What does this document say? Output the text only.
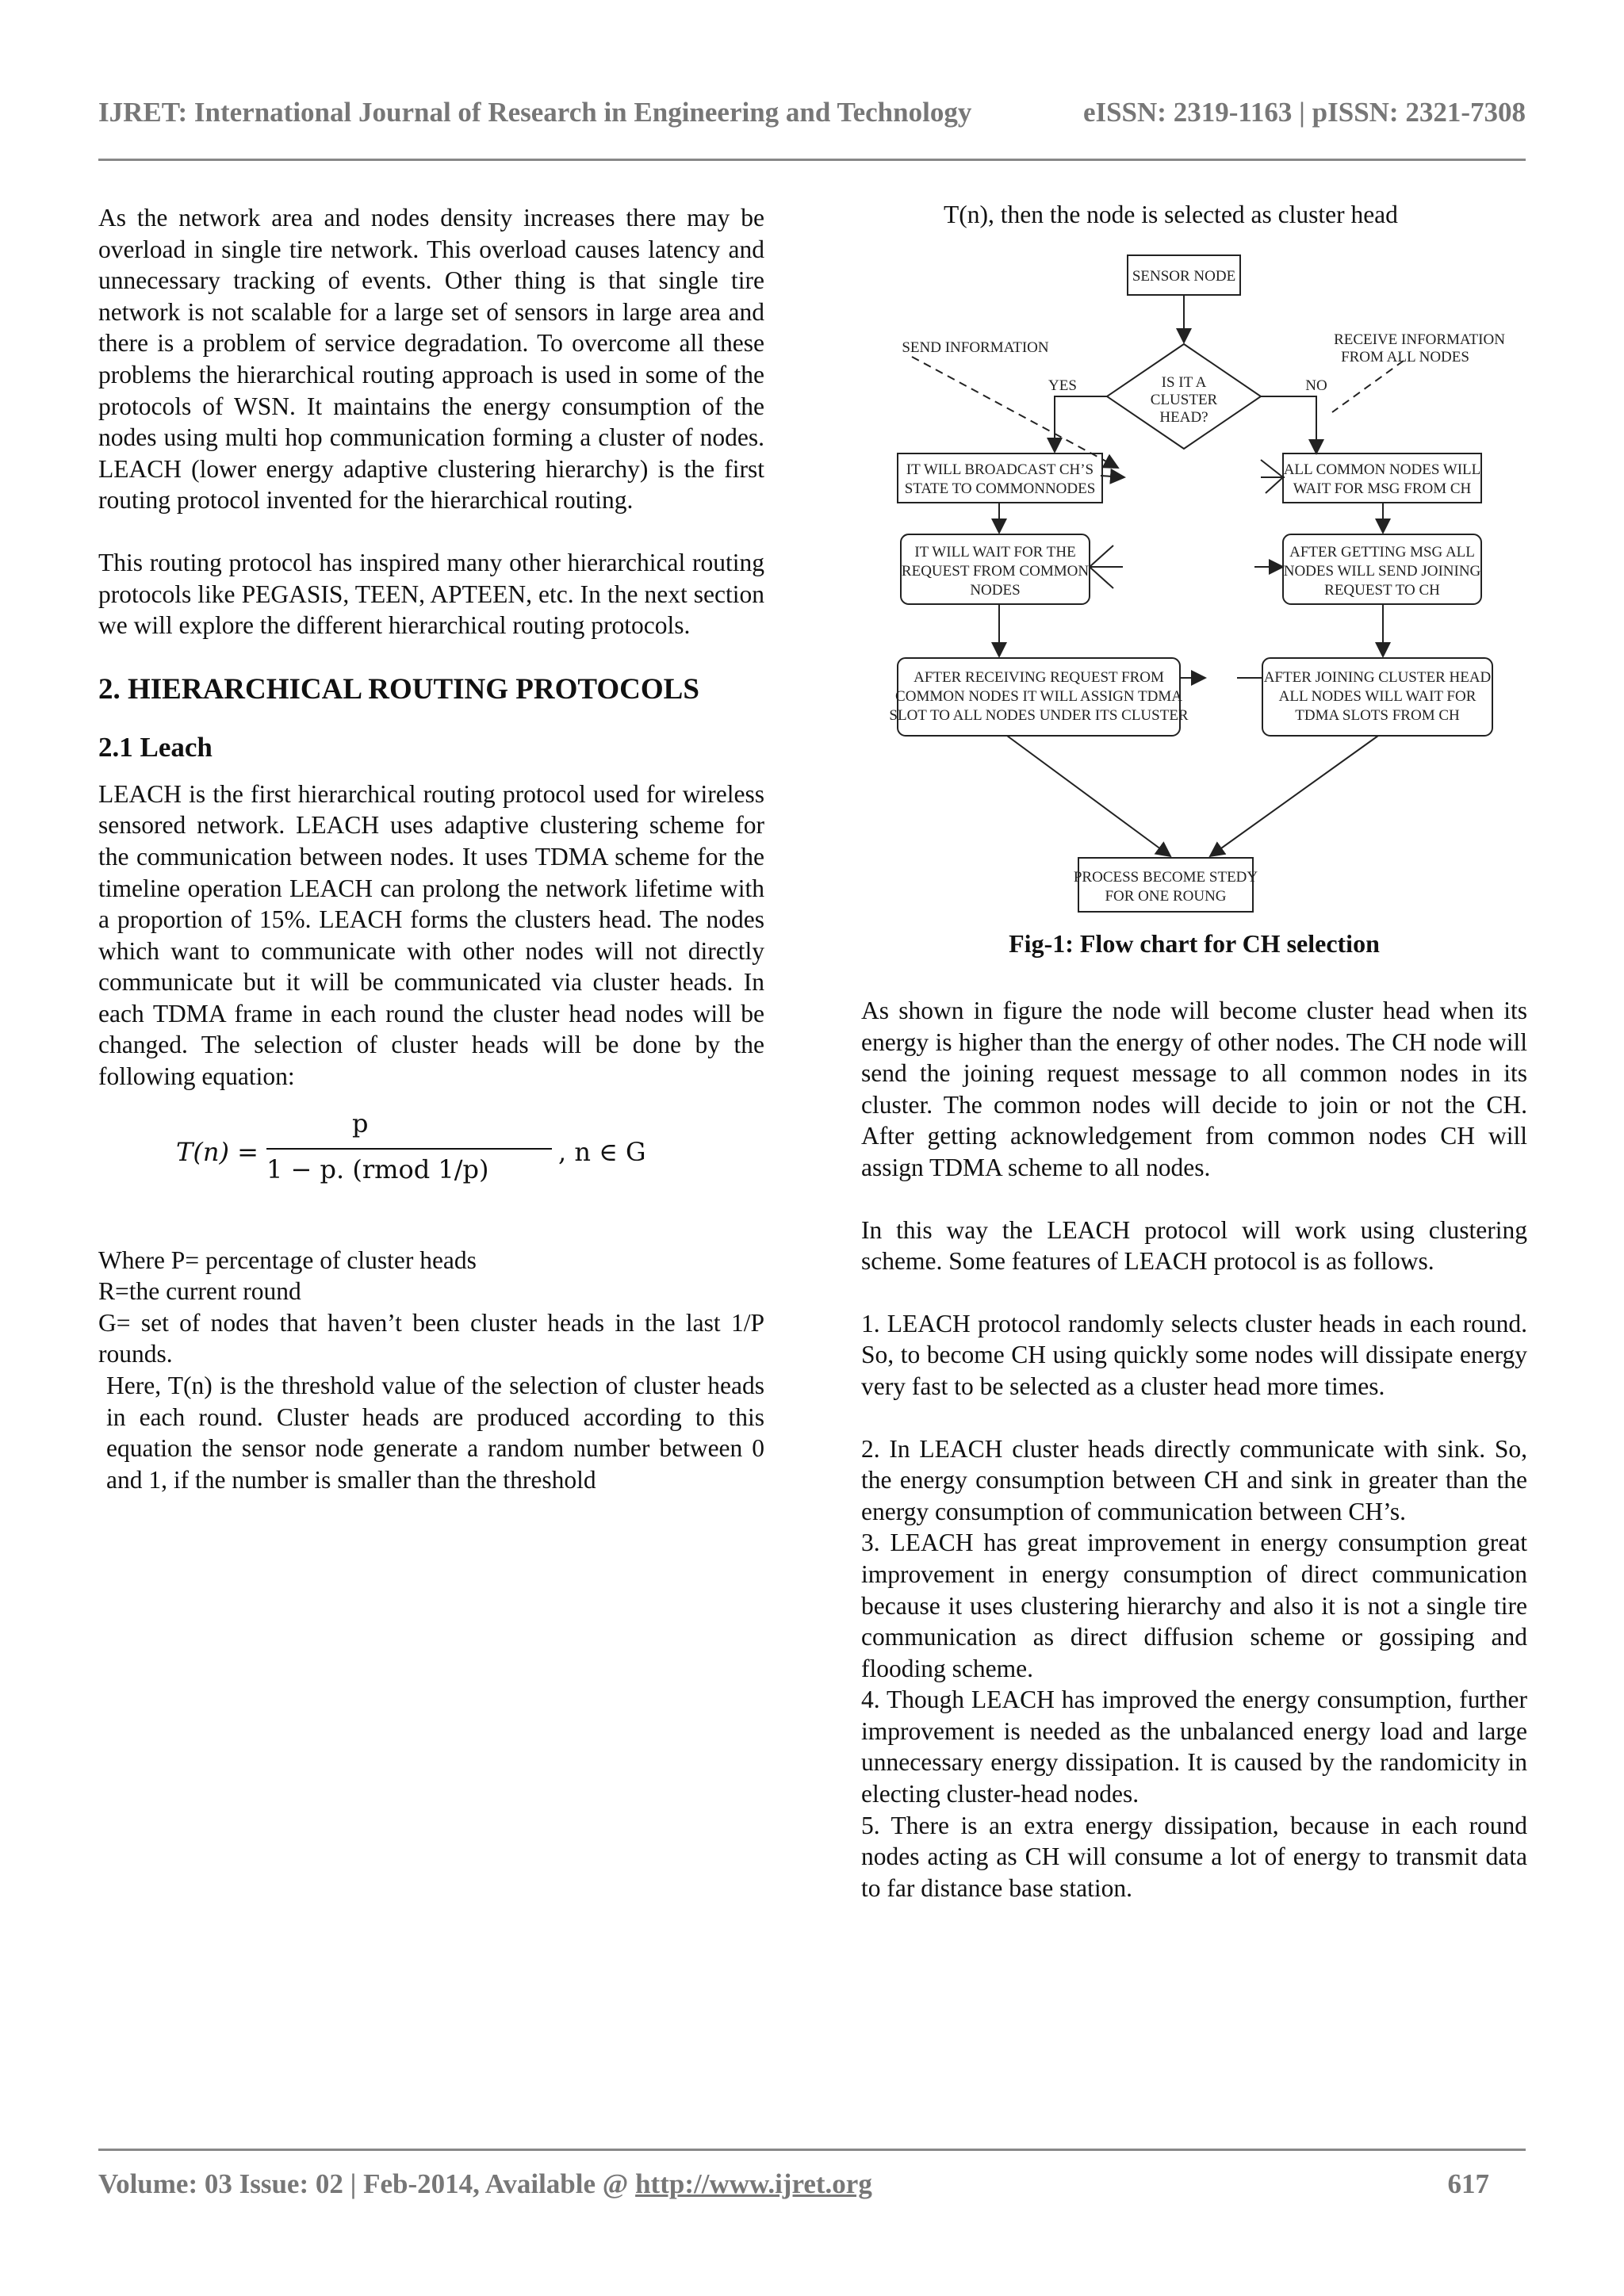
IJRET: International Journal of Research in Engineering and Technology	eISSN: 2319-1163 | pISSN: 2321-7308

As the network area and nodes density increases there may be overload in single tire network. This overload causes latency and unnecessary tracking of events. Other thing is that single tire network is not scalable for a large set of sensors in large area and there is a problem of service degradation. To overcome all these problems the hierarchical routing approach is used in some of the protocols of WSN. It maintains the energy consumption of the nodes using multi hop communication forming a cluster of nodes. LEACH (lower energy adaptive clustering hierarchy) is the first routing protocol invented for the hierarchical routing.

This routing protocol has inspired many other hierarchical routing protocols like PEGASIS, TEEN, APTEEN, etc. In the next section we will explore the different hierarchical routing protocols.

2. HIERARCHICAL ROUTING PROTOCOLS
2.1 Leach

LEACH is the first hierarchical routing protocol used for wireless sensored network. LEACH uses adaptive clustering scheme for the communication between nodes. It uses TDMA scheme for the timeline operation LEACH can prolong the network lifetime with a proportion of 15%. LEACH forms the clusters head. The nodes which want to communicate with other nodes will not directly communicate but it will be communicated via cluster heads. In each TDMA frame in each round the cluster head nodes will be changed. The selection of cluster heads will be done by the following equation:

T(n) =
p
1 − p. (rmod 1/p)
, n ∈ G
Where P= percentage of cluster heads
R=the current round
G= set of nodes that haven’t been cluster heads in the last 1/P rounds.

Here, T(n) is the threshold value of the selection of cluster heads in each round. Cluster heads are produced according to this equation the sensor node generate a random number between 0 and 1, if the number is smaller than the threshold

T(n), then the node is selected as cluster head
SENSOR NODE
IS IT A
CLUSTER
HEAD?
YES	NO
SEND INFORMATION	RECEIVE INFORMATION
FROM ALL NODES
IT WILL BROADCAST CH’S
STATE TO COMMONNODES
ALL COMMON NODES WILL
WAIT FOR MSG FROM CH
IT WILL WAIT FOR THE
REQUEST FROM COMMON
NODES
AFTER GETTING MSG ALL
NODES WILL SEND JOINING
REQUEST TO CH
AFTER RECEIVING REQUEST FROM
COMMON NODES IT WILL ASSIGN TDMA
SLOT TO ALL NODES UNDER ITS CLUSTER
AFTER JOINING CLUSTER HEAD
ALL NODES WILL WAIT FOR
TDMA SLOTS FROM CH
PROCESS BECOME STEDY
FOR ONE ROUNG
Fig-1: Flow chart for CH selection

As shown in figure the node will become cluster head when its energy is higher than the energy of other nodes. The CH node will send the joining request message to all common nodes in its cluster. The common nodes will decide to join or not the CH. After getting acknowledgement from common nodes CH will assign TDMA scheme to all nodes.

In this way the LEACH protocol will work using clustering scheme. Some features of LEACH protocol is as follows.

1. LEACH protocol randomly selects cluster heads in each round. So, to become CH using quickly some nodes will dissipate energy very fast to be selected as a cluster head more times.

2. In LEACH cluster heads directly communicate with sink. So, the energy consumption between CH and sink in greater than the energy consumption of communication between CH’s.

3. LEACH has great improvement in energy consumption great improvement in energy consumption of direct communication because it uses clustering hierarchy and also it is not a single tire communication as direct diffusion scheme or gossiping and flooding scheme.

4. Though LEACH has improved the energy consumption, further improvement is needed as the unbalanced energy load and large unnecessary energy dissipation. It is caused by the randomicity in electing cluster-head nodes.

5. There is an extra energy dissipation, because in each round nodes acting as CH will consume a lot of energy to transmit data to far distance base station.

Volume: 03 Issue: 02 | Feb-2014, Available @ http://www.ijret.org	617
